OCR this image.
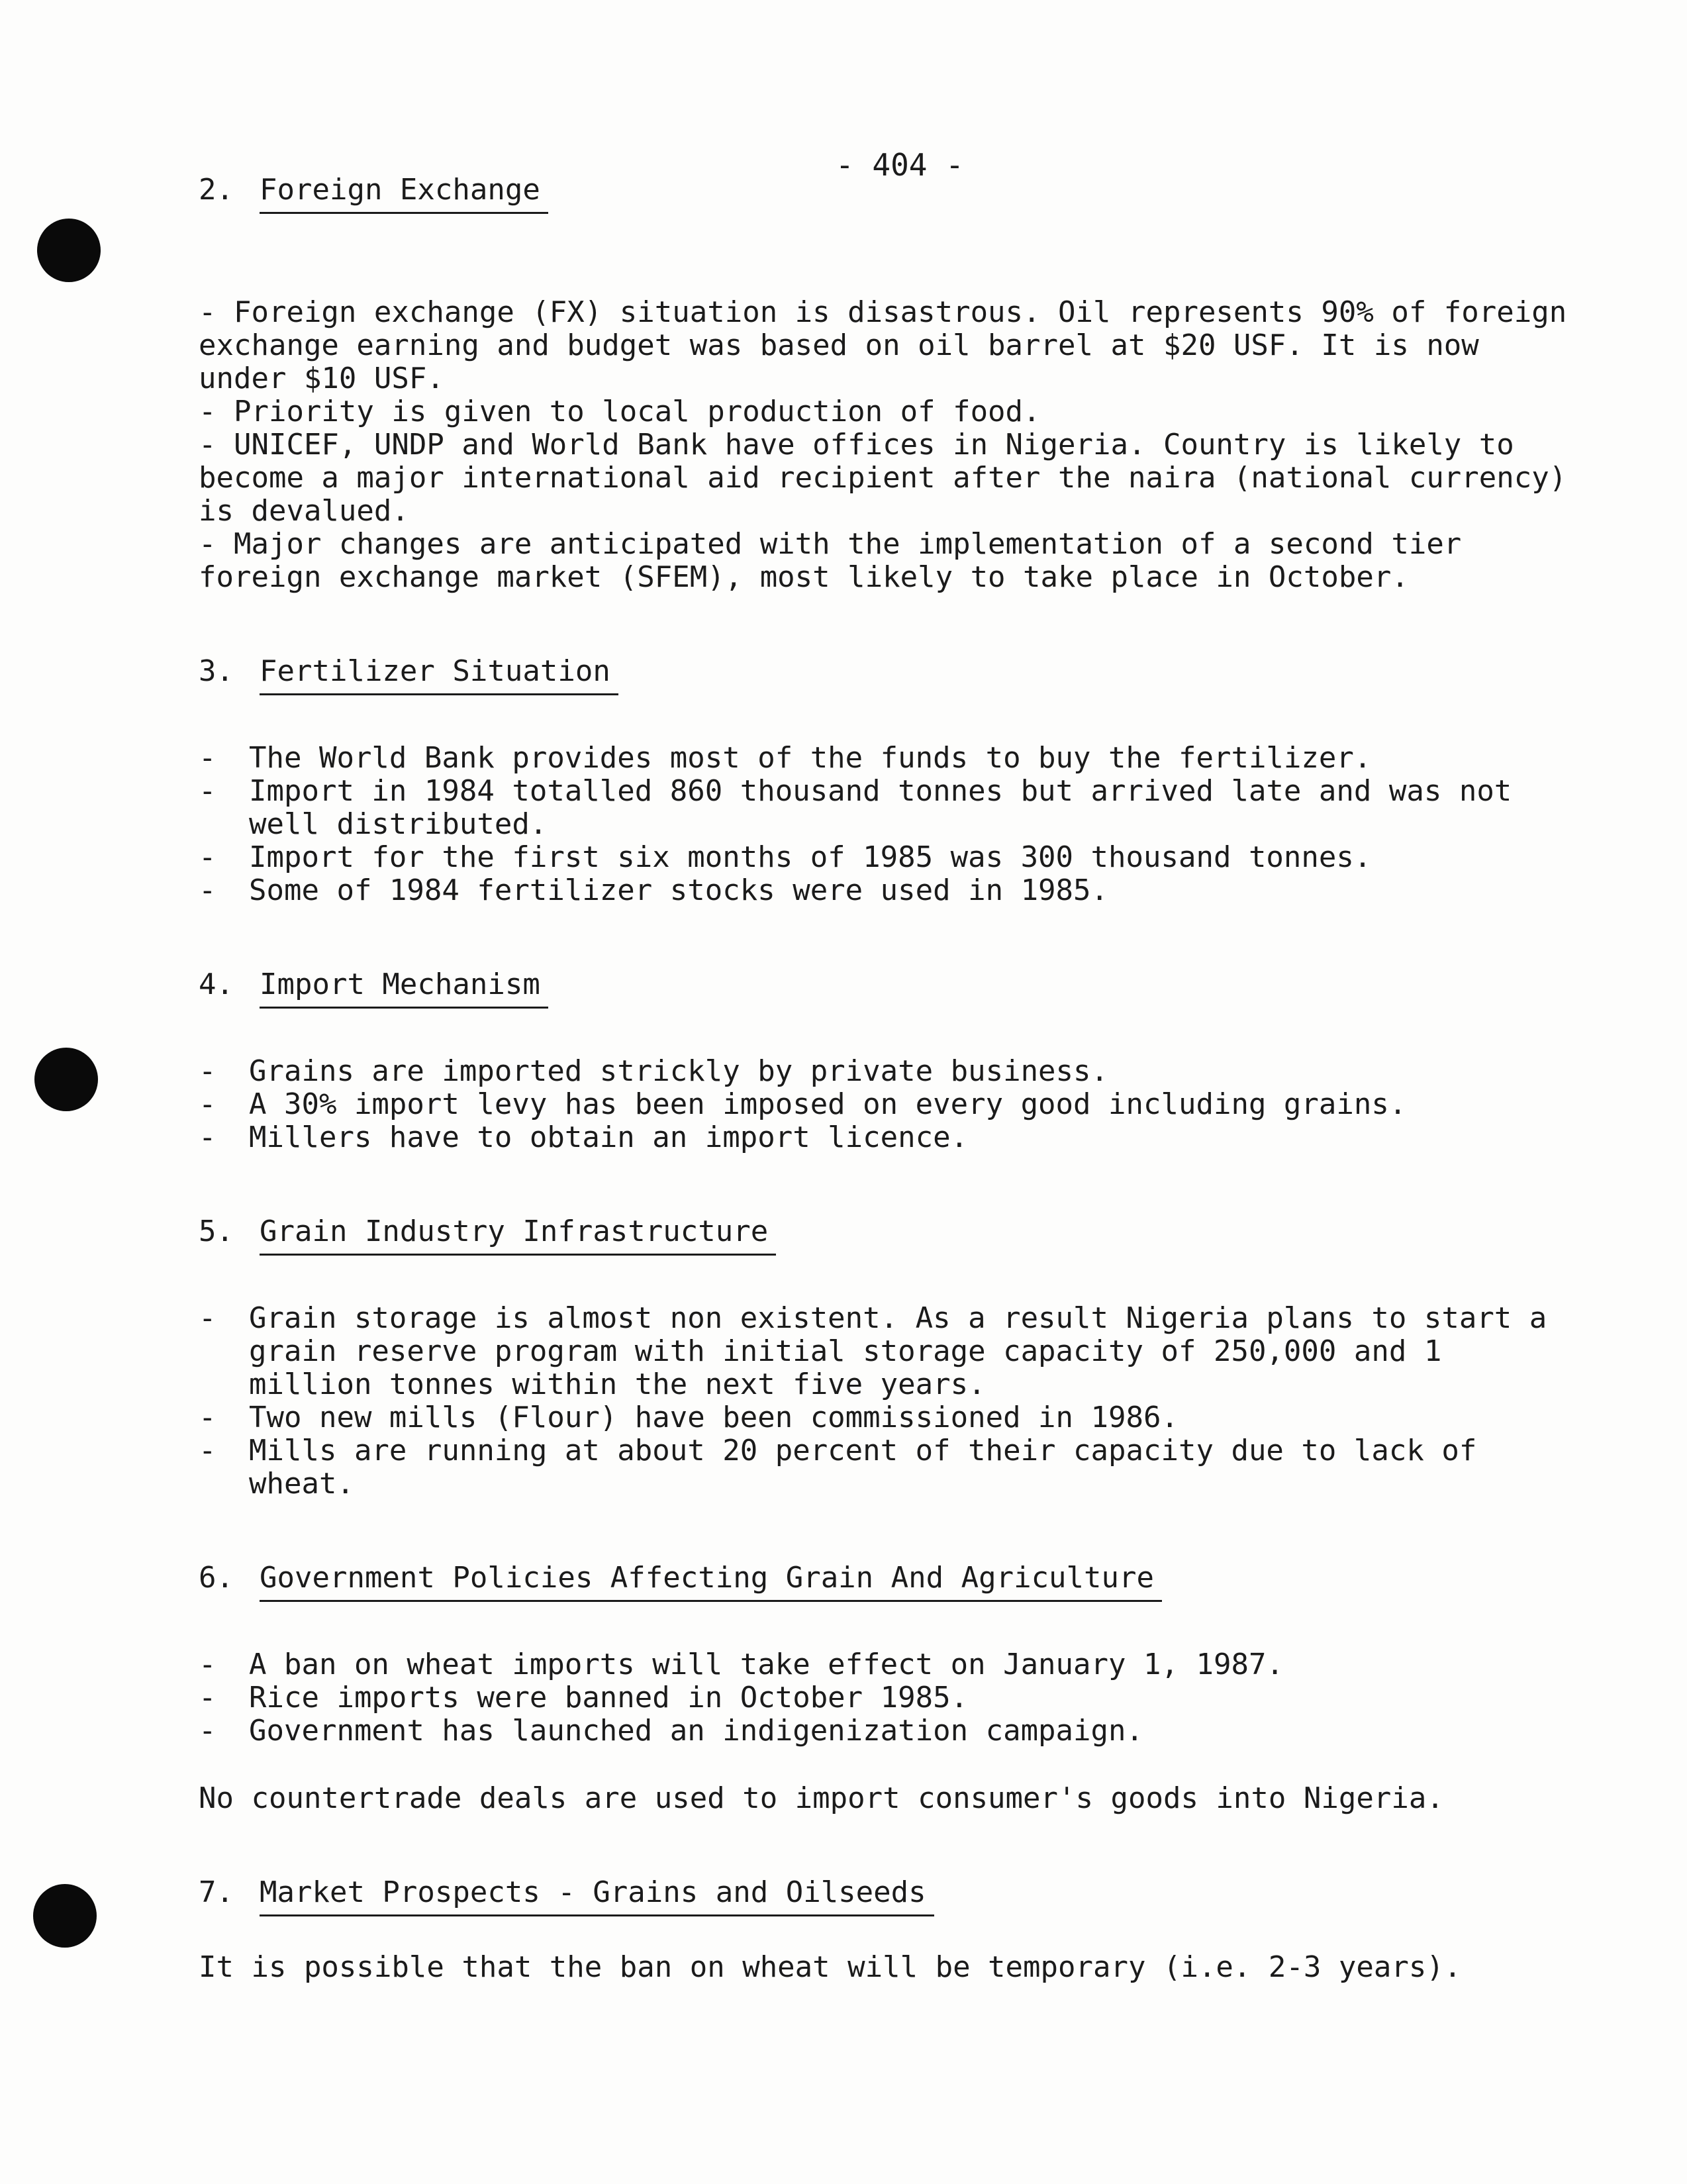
- 404 -
2. Foreign Exchange
- Foreign exchange (FX) situation is disastrous. Oil represents 90% of foreign exchange earning and budget was based on oil barrel at $20 USF. It is now under $10 USF.
- Priority is given to local production of food.
- UNICEF, UNDP and World Bank have offices in Nigeria. Country is likely to become a major international aid recipient after the naira (national currency) is devalued.
- Major changes are anticipated with the implementation of a second tier foreign exchange market (SFEM), most likely to take place in October.
3. Fertilizer Situation
-	The World Bank provides most of the funds to buy the fertilizer.
-	Import in 1984 totalled 860 thousand tonnes but arrived late and was not well distributed.
-	Import for the first six months of 1985 was 300 thousand tonnes.
-	Some of 1984 fertilizer stocks were used in 1985.
4. Import Mechanism
-	Grains are imported strickly by private business.
-	A 30% import levy has been imposed on every good including grains.
-	Millers have to obtain an import licence.
5. Grain Industry Infrastructure
-	Grain storage is almost non existent. As a result Nigeria plans to start a grain reserve program with initial storage capacity of 250,000 and 1 million tonnes within the next five years.
-	Two new mills (Flour) have been commissioned in 1986.
-	Mills are running at about 20 percent of their capacity due to lack of wheat.
6. Government Policies Affecting Grain And Agriculture
-	A ban on wheat imports will take effect on January 1, 1987.
-	Rice imports were banned in October 1985.
-	Government has launched an indigenization campaign.

No countertrade deals are used to import consumer's goods into Nigeria.

7. Market Prospects - Grains and Oilseeds

It is possible that the ban on wheat will be temporary (i.e. 2-3 years).
